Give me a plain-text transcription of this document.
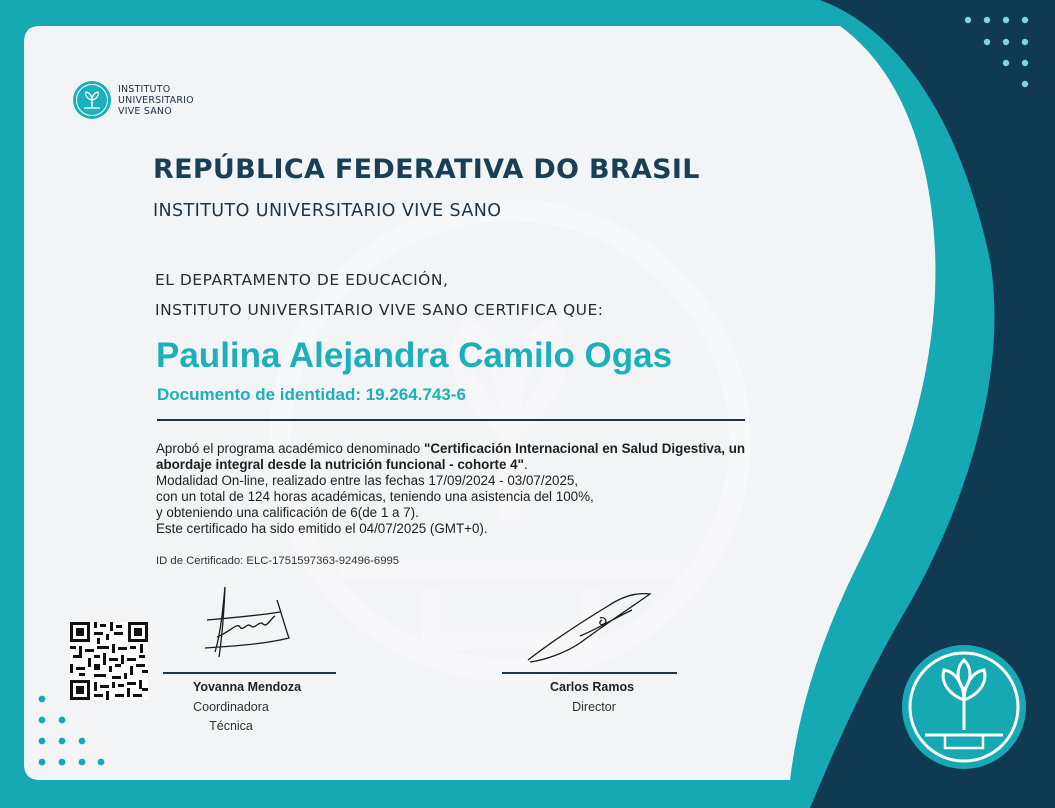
INSTITUTO
UNIVERSITARIO
VIVE SANO
REPÚBLICA FEDERATIVA DO BRASIL
INSTITUTO UNIVERSITARIO VIVE SANO
EL DEPARTAMENTO DE EDUCACIÓN,
INSTITUTO UNIVERSITARIO VIVE SANO CERTIFICA QUE:
Paulina Alejandra Camilo Ogas
Documento de identidad: 19.264.743-6

Aprobó el programa académico denominado "Certificación Internacional en Salud Digestiva, un

abordaje integral desde la nutrición funcional - cohorte 4".

Modalidad On-line, realizado entre las fechas 17/09/2024 - 03/07/2025,

con un total de 124 horas académicas, teniendo una asistencia del 100%,

y obteniendo una calificación de 6(de 1 a 7).

Este certificado ha sido emitido el 04/07/2025 (GMT+0).

ID de Certificado: ELC-1751597363-92496-6995
Yovanna Mendoza
Coordinadora
Técnica
Carlos Ramos
Director
